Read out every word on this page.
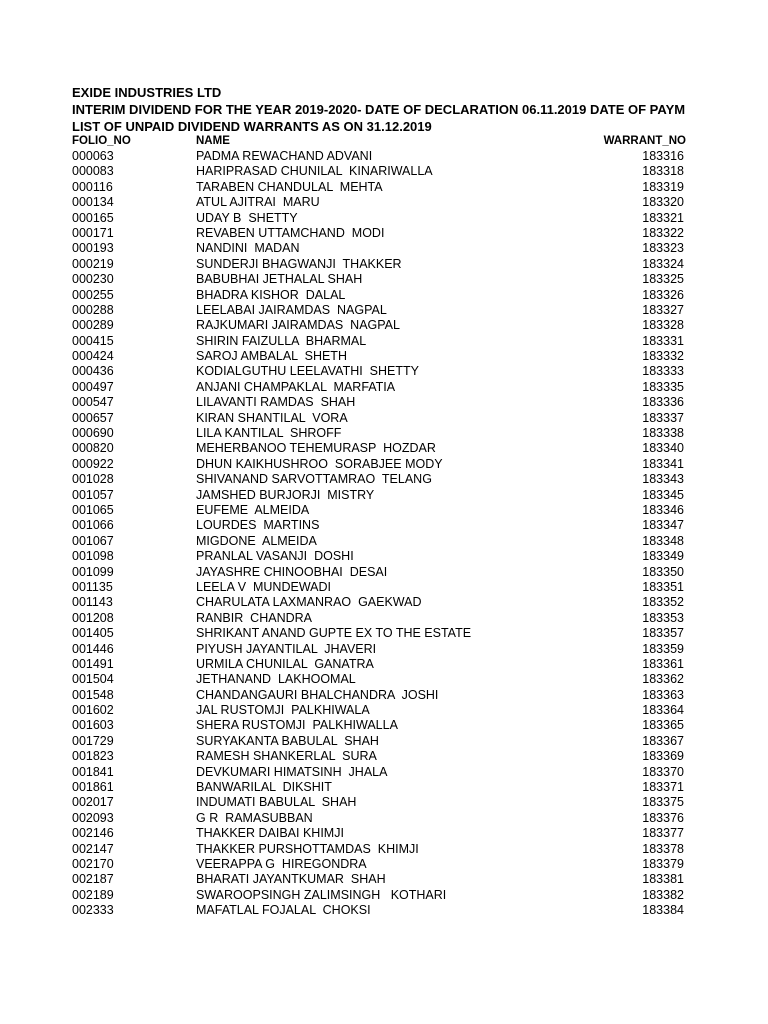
EXIDE INDUSTRIES LTD
INTERIM DIVIDEND FOR THE YEAR 2019-2020- DATE OF DECLARATION 06.11.2019 DATE OF PAYM
LIST OF UNPAID DIVIDEND WARRANTS AS ON 31.12.2019
FOLIO_NO	NAME	WARRANT_NO
000063	PADMA REWACHAND ADVANI	183316
000083	HARIPRASAD CHUNILAL  KINARIWALLA	183318
000116	TARABEN CHANDULAL  MEHTA	183319
000134	ATUL AJITRAI  MARU	183320
000165	UDAY B  SHETTY	183321
000171	REVABEN UTTAMCHAND  MODI	183322
000193	NANDINI  MADAN	183323
000219	SUNDERJI BHAGWANJI  THAKKER	183324
000230	BABUBHAI JETHALAL SHAH	183325
000255	BHADRA KISHOR  DALAL	183326
000288	LEELABAI JAIRAMDAS  NAGPAL	183327
000289	RAJKUMARI JAIRAMDAS  NAGPAL	183328
000415	SHIRIN FAIZULLA  BHARMAL	183331
000424	SAROJ AMBALAL  SHETH	183332
000436	KODIALGUTHU LEELAVATHI  SHETTY	183333
000497	ANJANI CHAMPAKLAL  MARFATIA	183335
000547	LILAVANTI RAMDAS  SHAH	183336
000657	KIRAN SHANTILAL  VORA	183337
000690	LILA KANTILAL  SHROFF	183338
000820	MEHERBANOO TEHEMURASP  HOZDAR	183340
000922	DHUN KAIKHUSHROO  SORABJEE MODY	183341
001028	SHIVANAND SARVOTTAMRAO  TELANG	183343
001057	JAMSHED BURJORJI  MISTRY	183345
001065	EUFEME  ALMEIDA	183346
001066	LOURDES  MARTINS	183347
001067	MIGDONE  ALMEIDA	183348
001098	PRANLAL VASANJI  DOSHI	183349
001099	JAYASHRE CHINOOBHAI  DESAI	183350
001135	LEELA V  MUNDEWADI	183351
001143	CHARULATA LAXMANRAO  GAEKWAD	183352
001208	RANBIR  CHANDRA	183353
001405	SHRIKANT ANAND GUPTE EX TO THE ESTATE	183357
001446	PIYUSH JAYANTILAL  JHAVERI	183359
001491	URMILA CHUNILAL  GANATRA	183361
001504	JETHANAND  LAKHOOMAL	183362
001548	CHANDANGAURI BHALCHANDRA  JOSHI	183363
001602	JAL RUSTOMJI  PALKHIWALA	183364
001603	SHERA RUSTOMJI  PALKHIWALLA	183365
001729	SURYAKANTA BABULAL  SHAH	183367
001823	RAMESH SHANKERLAL  SURA	183369
001841	DEVKUMARI HIMATSINH  JHALA	183370
001861	BANWARILAL  DIKSHIT	183371
002017	INDUMATI BABULAL  SHAH	183375
002093	G R  RAMASUBBAN	183376
002146	THAKKER DAIBAI KHIMJI	183377
002147	THAKKER PURSHOTTAMDAS  KHIMJI	183378
002170	VEERAPPA G  HIREGONDRA	183379
002187	BHARATI JAYANTKUMAR  SHAH	183381
002189	SWAROOPSINGH ZALIMSINGH   KOTHARI	183382
002333	MAFATLAL FOJALAL  CHOKSI	183384
